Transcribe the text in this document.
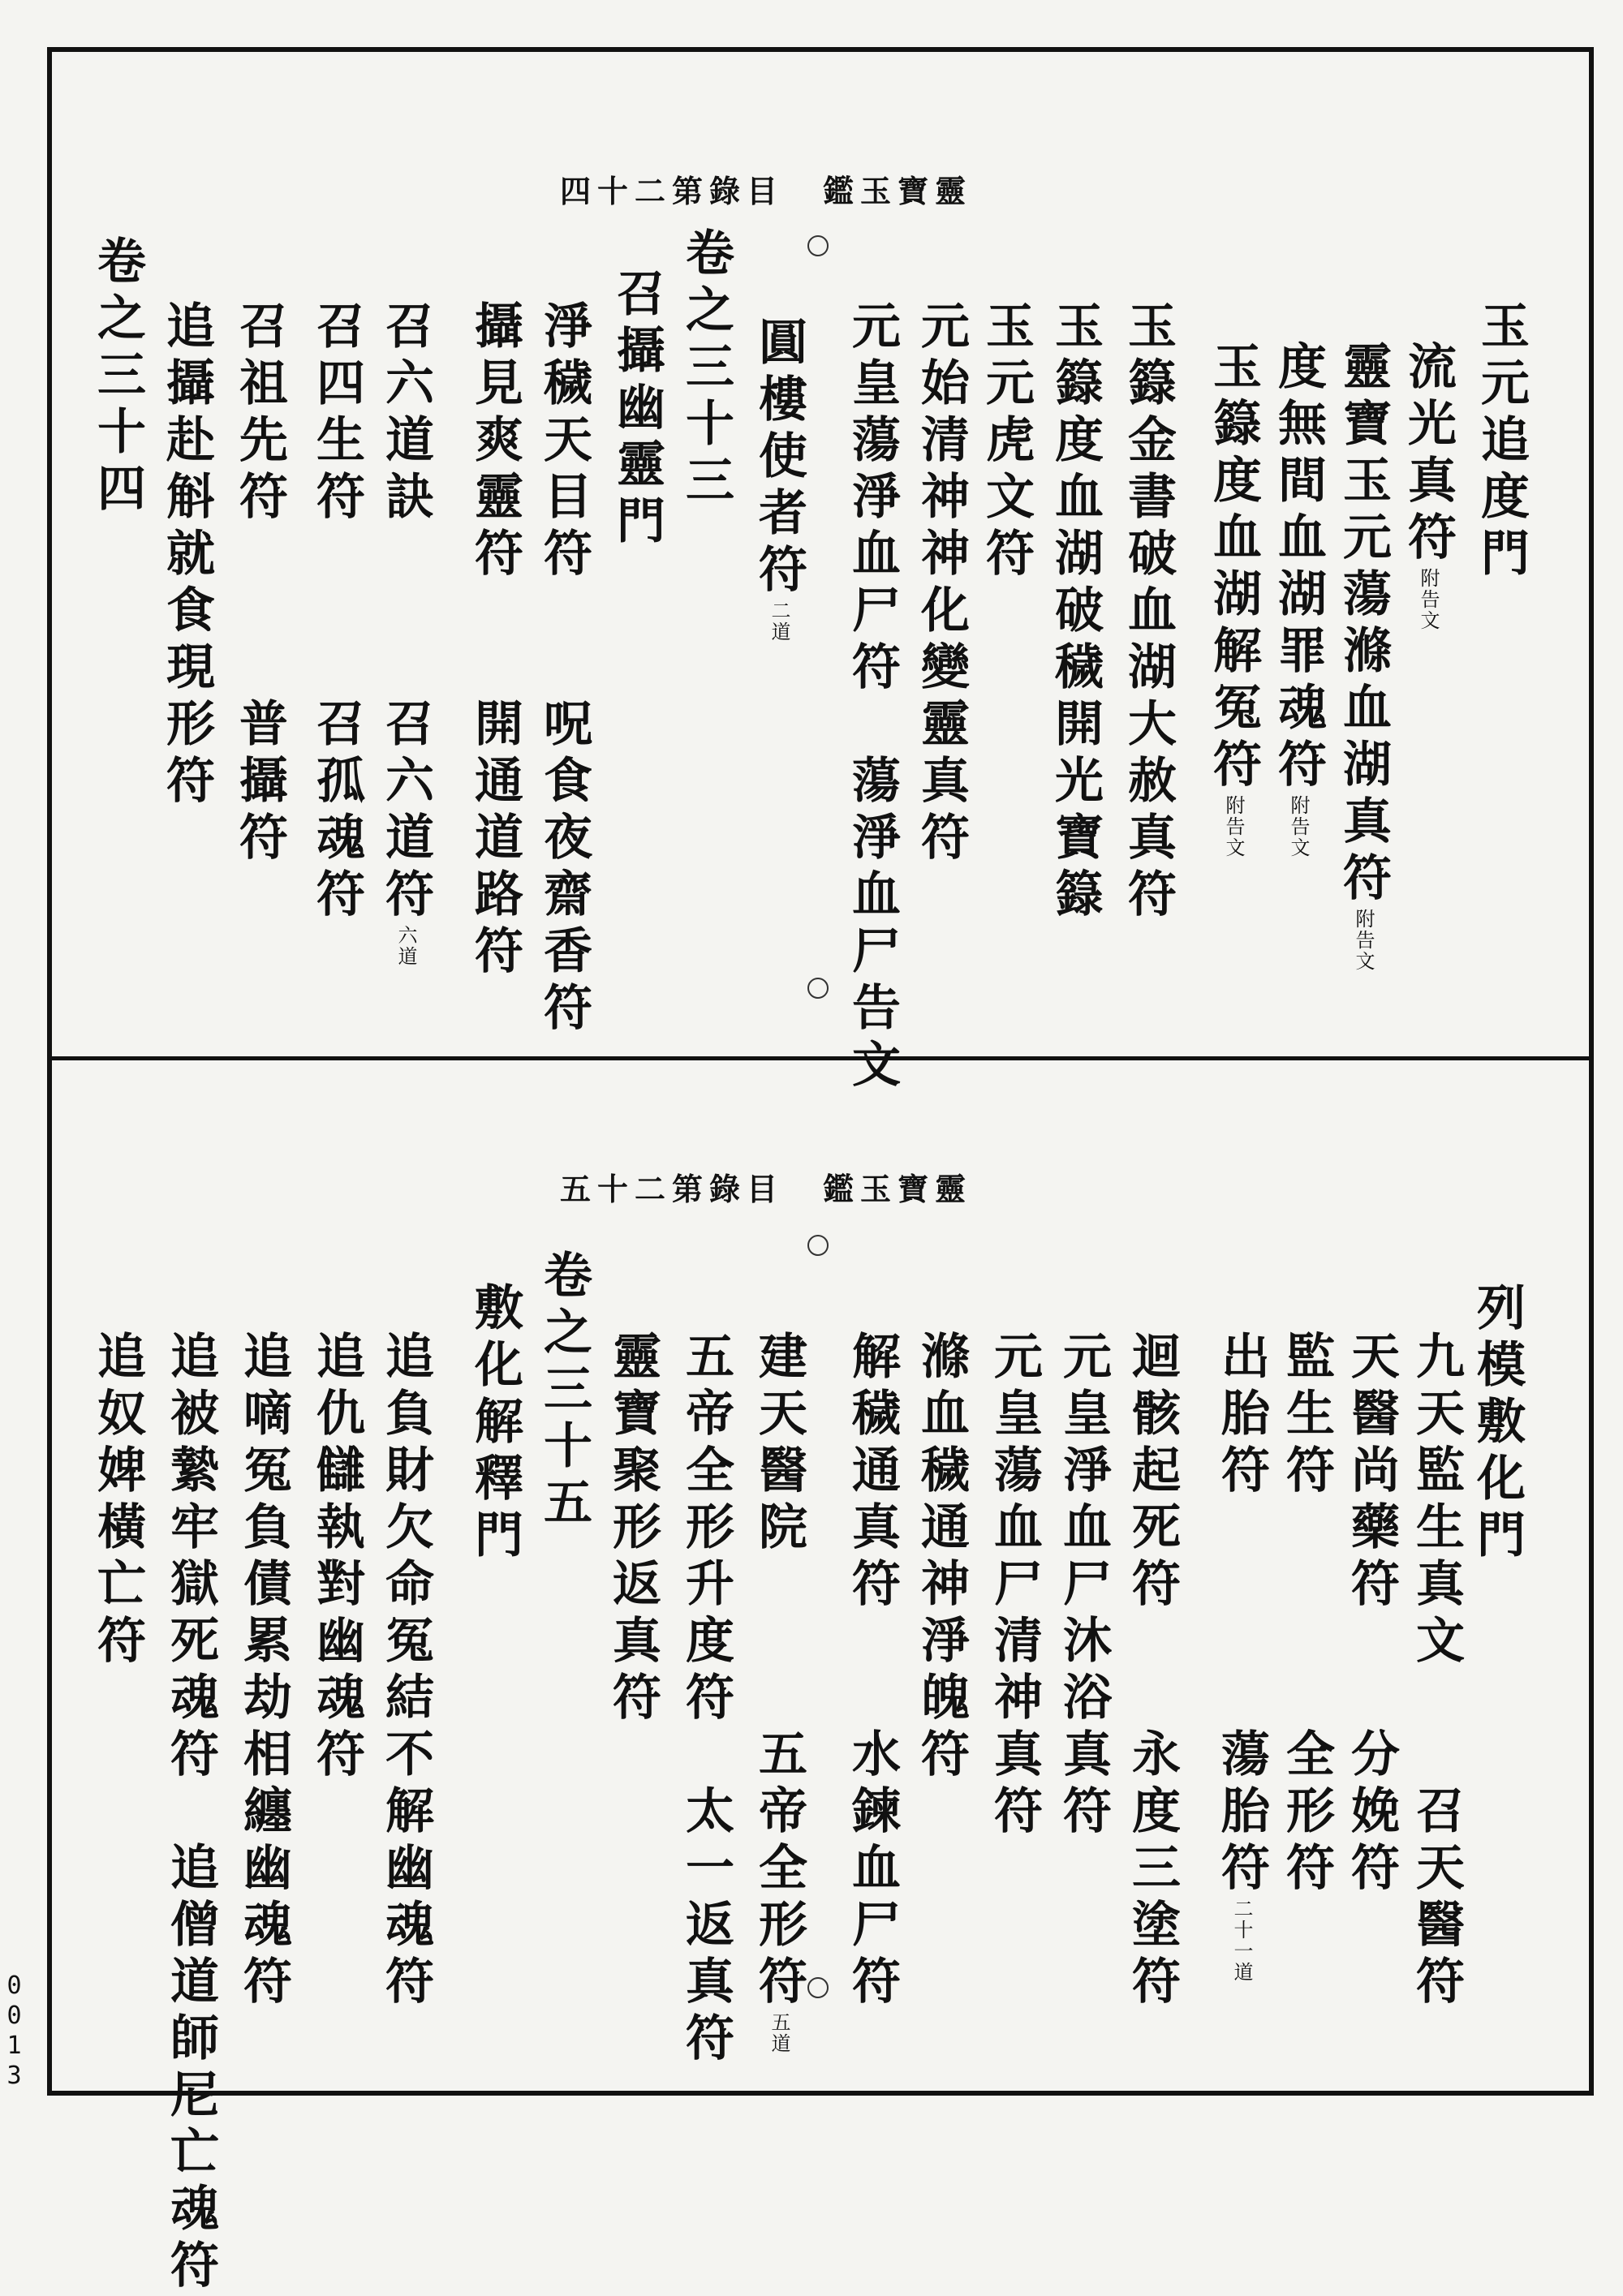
靈寶玉鑑目錄第二十四
玉元追度門
流光真符附告文
靈寶玉元蕩滌血湖真符附告文
度無間血湖罪魂符附告文
玉籙度血湖解冤符附告文
玉籙金書破血湖大赦真符
玉籙度血湖破穢開光寶籙
玉元虎文符
元始清神神化變靈真符
元皇蕩淨血尸符　蕩淨血尸告文
圓樓使者符二道
卷之三十三
召攝幽靈門
淨穢天目符　　呪食夜齋香符
攝見爽靈符　　開通道路符
召六道訣　　　召六道符六道
召四生符　　　召孤魂符
召祖先符　　　普攝符
追攝赴斛就食現形符
卷之三十四
靈寶玉鑑目錄第二十五
列模敷化門
九天監生真文　　召天醫符
天醫尚藥符　　分娩符
監生符　　　　全形符
出胎符　　　　蕩胎符二十一道
迴骸起死符　　永度三塗符
元皇淨血尸沐浴真符
元皇蕩血尸清神真符
滌血穢通神淨魄符
解穢通真符　　水鍊血尸符
建天醫院　　　五帝全形符五道
五帝全形升度符　太一返真符
靈寶聚形返真符
卷之三十五
敷化解釋門
追負財欠命冤結不解幽魂符
追仇讎執對幽魂符
追嘀冤負債累劫相纏幽魂符
追被縶牢獄死魂符　追僧道師尼亡魂符
追奴婢橫亡符
0013
